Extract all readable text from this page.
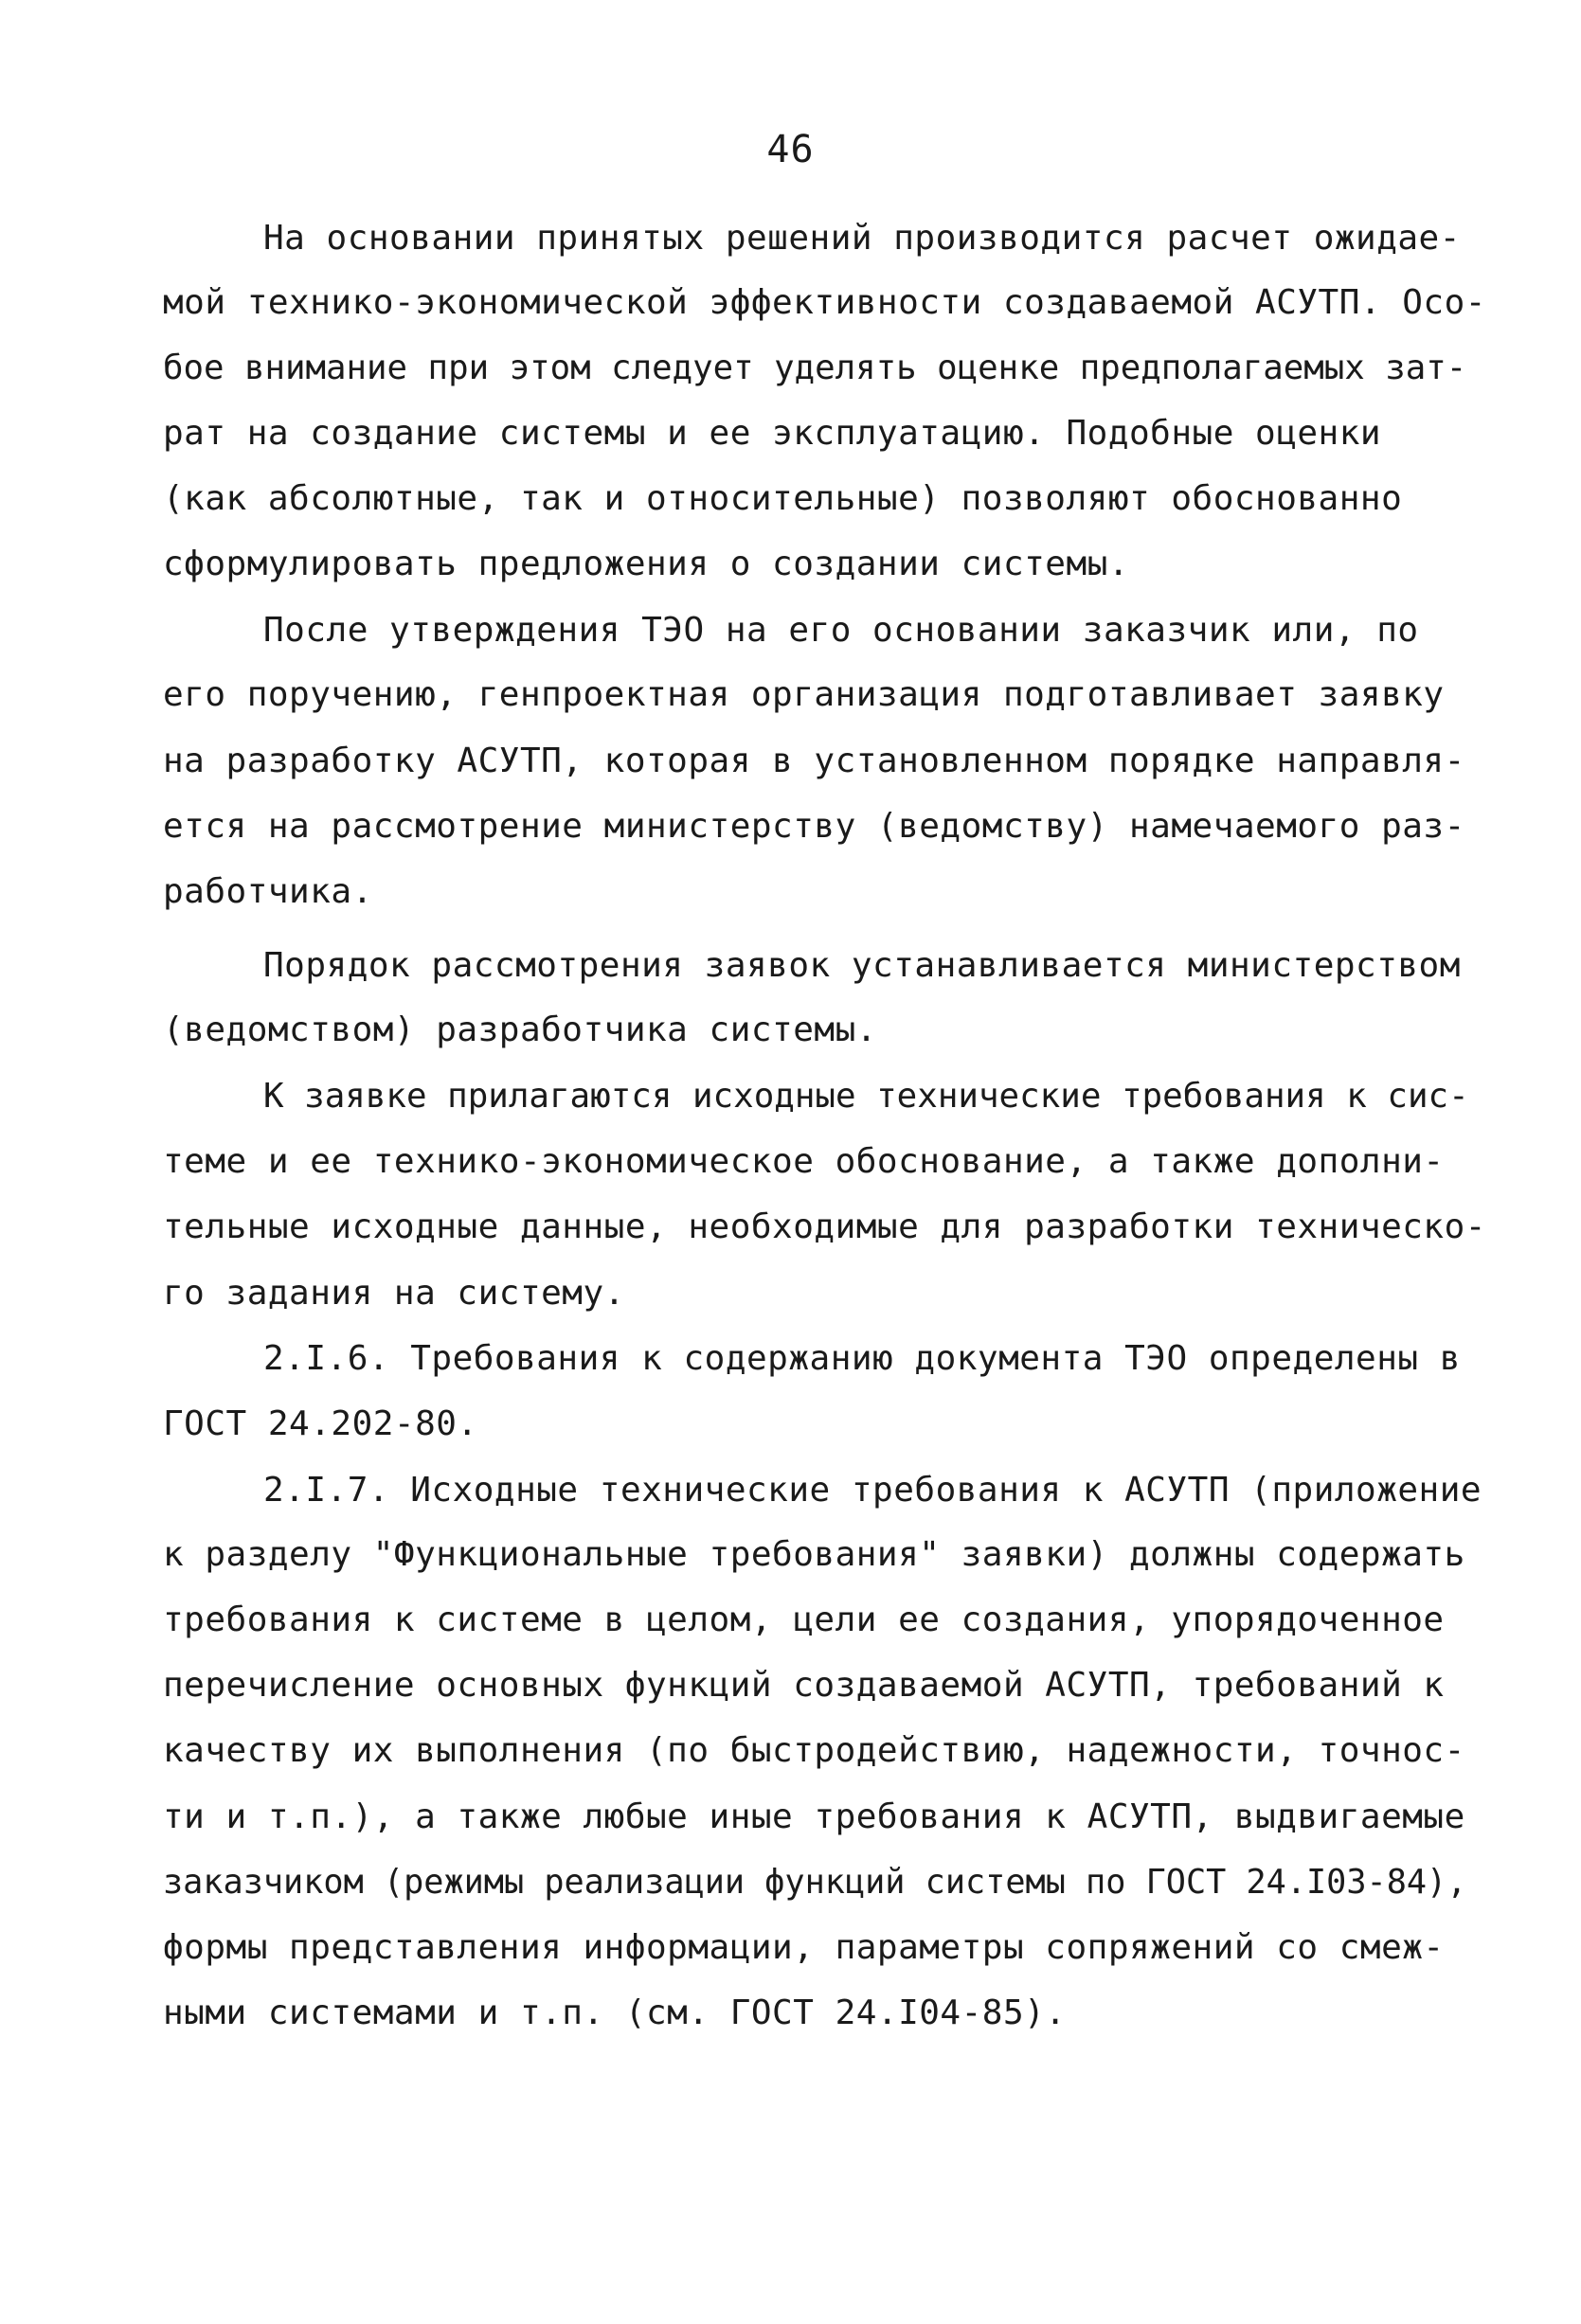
46
На основании принятых решений производится расчет ожидае-
мой технико-экономической эффективности создаваемой АСУТП. Осо-
бое внимание при этом следует уделять оценке предполагаемых зат-
рат на создание системы и ее эксплуатацию. Подобные оценки
(как абсолютные, так и относительные) позволяют обоснованно
сформулировать предложения о создании системы.
После утверждения ТЭО на его основании заказчик или, по
его поручению, генпроектная организация подготавливает заявку
на разработку АСУТП, которая в установленном порядке направля-
ется на рассмотрение министерству (ведомству) намечаемого раз-
работчика.
Порядок рассмотрения заявок устанавливается министерством
(ведомством) разработчика системы.
К заявке прилагаются исходные технические требования к сис-
теме и ее технико-экономическое обоснование, а также дополни-
тельные исходные данные, необходимые для разработки техническо-
го задания на систему.
2.I.6. Требования к содержанию документа ТЭО определены в
ГОСТ 24.202-80.
2.I.7. Исходные технические требования к АСУТП (приложение
к разделу "Функциональные требования" заявки) должны содержать
требования к системе в целом, цели ее создания, упорядоченное
перечисление основных функций создаваемой АСУТП, требований к
качеству их выполнения (по быстродействию, надежности, точнос-
ти и т.п.), а также любые иные требования к АСУТП, выдвигаемые
заказчиком (режимы реализации функций системы по ГОСТ 24.I03-84),
формы представления информации, параметры сопряжений со смеж-
ными системами и т.п. (см. ГОСТ 24.I04-85).
